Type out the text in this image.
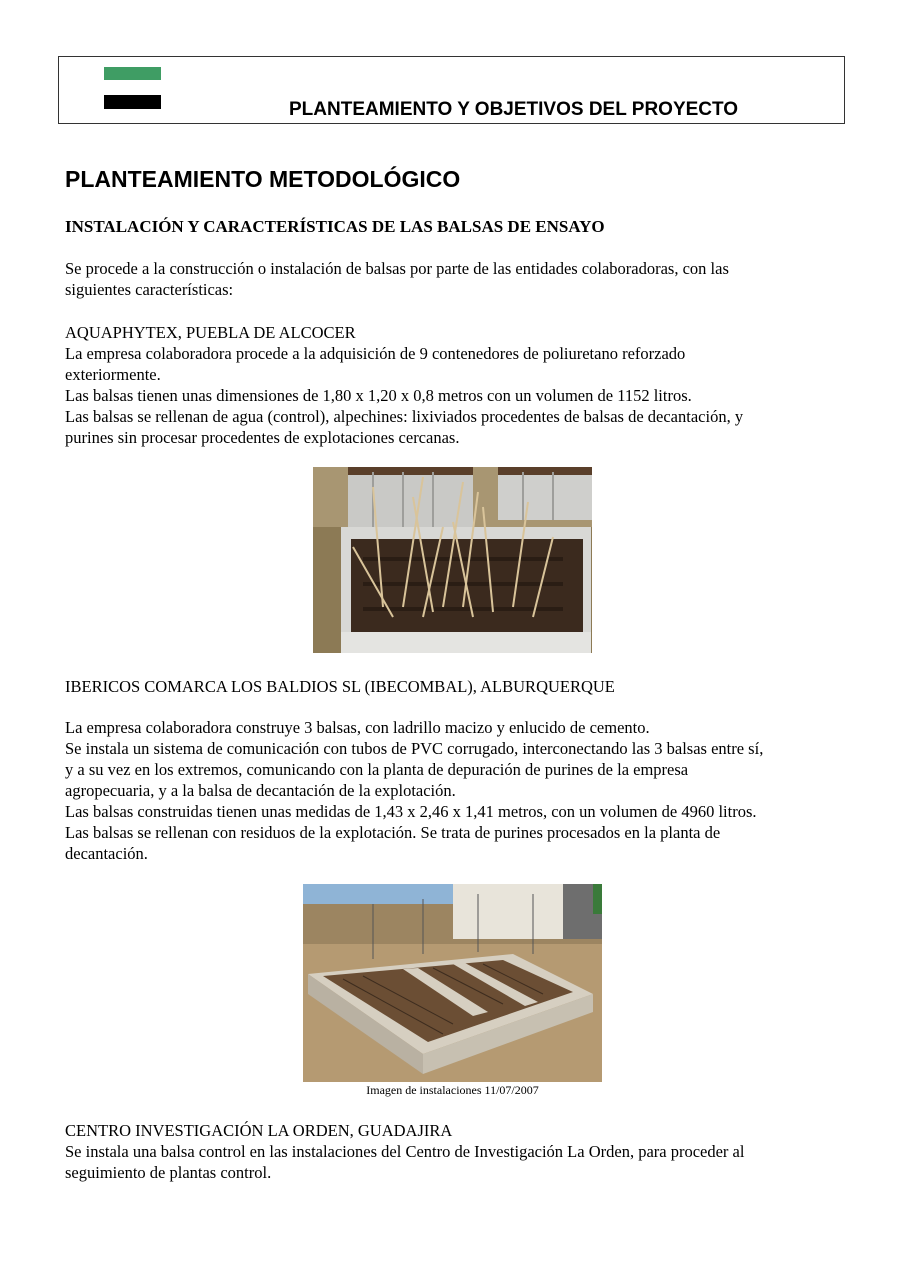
PLANTEAMIENTO Y OBJETIVOS DEL PROYECTO
PLANTEAMIENTO METODOLÓGICO
INSTALACIÓN Y CARACTERÍSTICAS DE LAS BALSAS DE ENSAYO
Se procede a la construcción o instalación de balsas por parte de las entidades colaboradoras, con las
siguientes características:
AQUAPHYTEX, PUEBLA DE ALCOCER
La empresa colaboradora procede a la adquisición de 9 contenedores de poliuretano reforzado
exteriormente.
Las balsas tienen unas dimensiones de 1,80 x 1,20 x 0,8 metros con un volumen de 1152 litros.
Las balsas se rellenan de agua (control), alpechines: lixiviados procedentes de balsas de decantación, y
purines sin procesar procedentes de explotaciones cercanas.
IBERICOS COMARCA LOS BALDIOS SL (IBECOMBAL), ALBURQUERQUE
La empresa colaboradora construye 3 balsas, con ladrillo macizo y enlucido de cemento.
Se instala un sistema de comunicación con tubos de PVC corrugado, interconectando las 3 balsas entre sí,
y a su vez en los extremos, comunicando con la planta de depuración de purines de la empresa
agropecuaria, y a la balsa de decantación de la explotación.
Las balsas construidas tienen unas medidas de 1,43 x 2,46 x 1,41 metros, con un volumen de 4960 litros.
Las balsas se rellenan con residuos de la explotación. Se trata de purines procesados en la planta de
decantación.
CENTRO INVESTIGACIÓN LA ORDEN, GUADAJIRA
Se instala una balsa control en las instalaciones del Centro de Investigación La Orden, para proceder al
seguimiento de plantas control.
Imagen de instalaciones 11/07/2007
